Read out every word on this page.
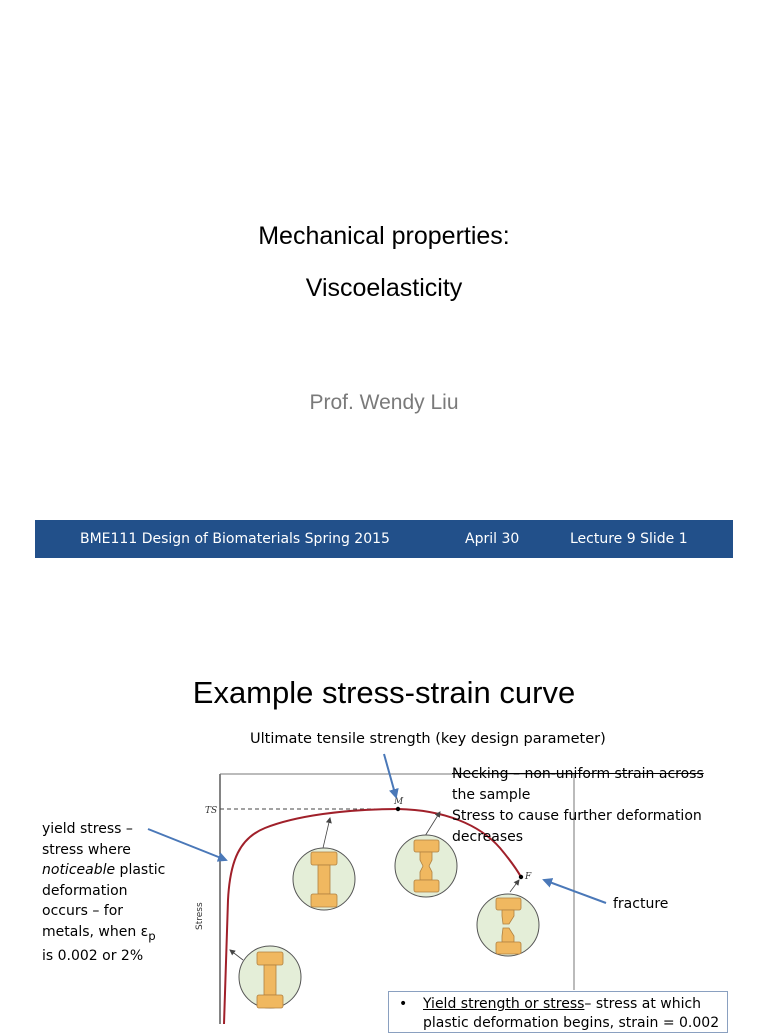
Mechanical properties:
Viscoelasticity
Prof. Wendy Liu
BME111 Design of Biomaterials Spring 2015	April 30	Lecture 9 Slide 1
Example stress-strain curve
TS
Stress
M
F
Ultimate tensile strength (key design parameter)
Necking – non-uniform strain across
the sample
Stress to cause further deformation
decreases
yield stress –
stress where
noticeable plastic
deformation
occurs – for
metals, when $\varepsilon_p$
is 0.002 or 2%
fracture
• Yield strength or stress– stress at which
plastic deformation begins, strain = 0.002
